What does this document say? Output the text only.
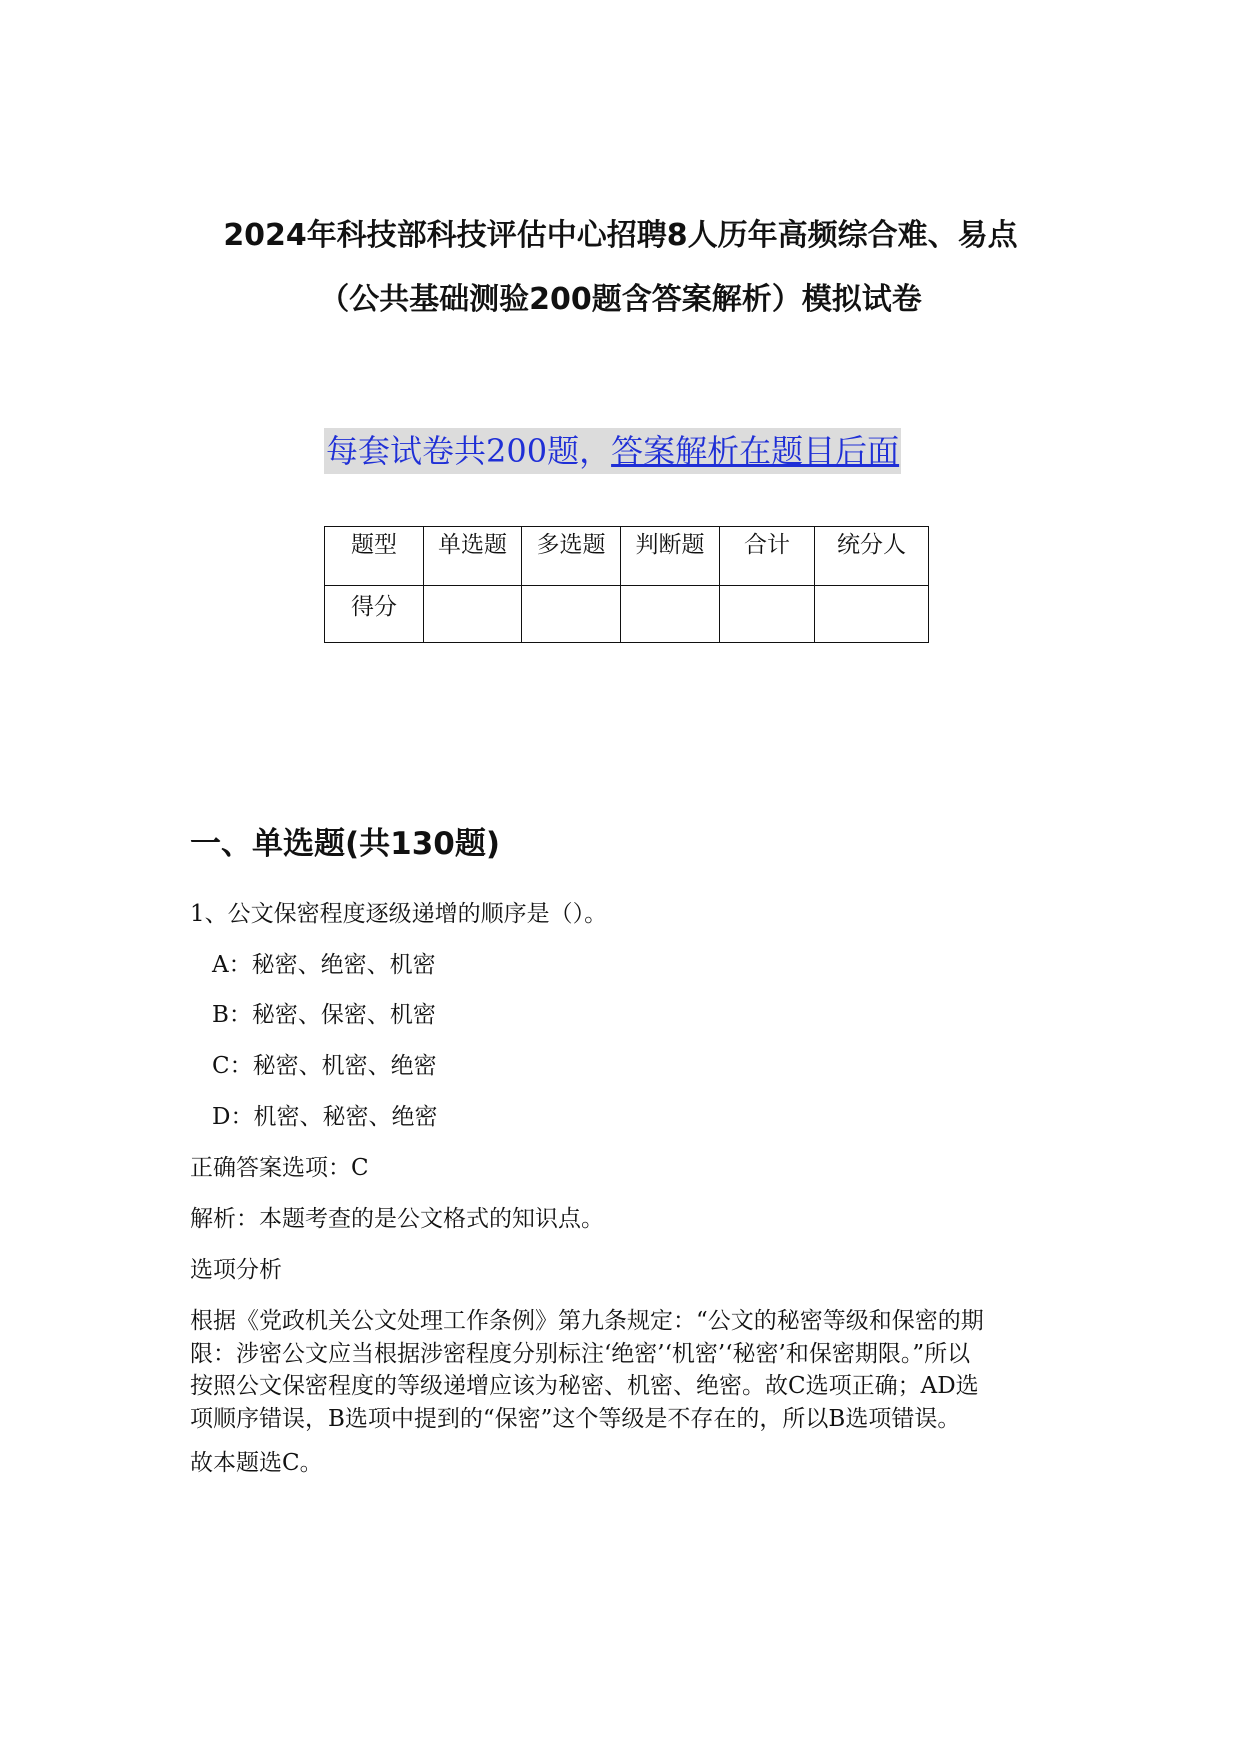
2024年科技部科技评估中心招聘8人历年高频综合难、易点
（公共基础测验200题含答案解析）模拟试卷
每套试卷共200题，答案解析在题目后面
题型	单选题	多选题	判断题	合计	统分人
得分					
一、单选题(共130题)

1、公文保密程度逐级递增的顺序是（）。

A：秘密、绝密、机密

B：秘密、保密、机密

C：秘密、机密、绝密

D：机密、秘密、绝密

正确答案选项：C

解析：本题考查的是公文格式的知识点。

选项分析

根据《党政机关公文处理工作条例》第九条规定：“公文的秘密等级和保密的期
限：涉密公文应当根据涉密程度分别标注‘绝密’‘机密’‘秘密’和保密期限。”所以
按照公文保密程度的等级递增应该为秘密、机密、绝密。故C选项正确；AD选
项顺序错误，B选项中提到的“保密”这个等级是不存在的，所以B选项错误。

故本题选C。
